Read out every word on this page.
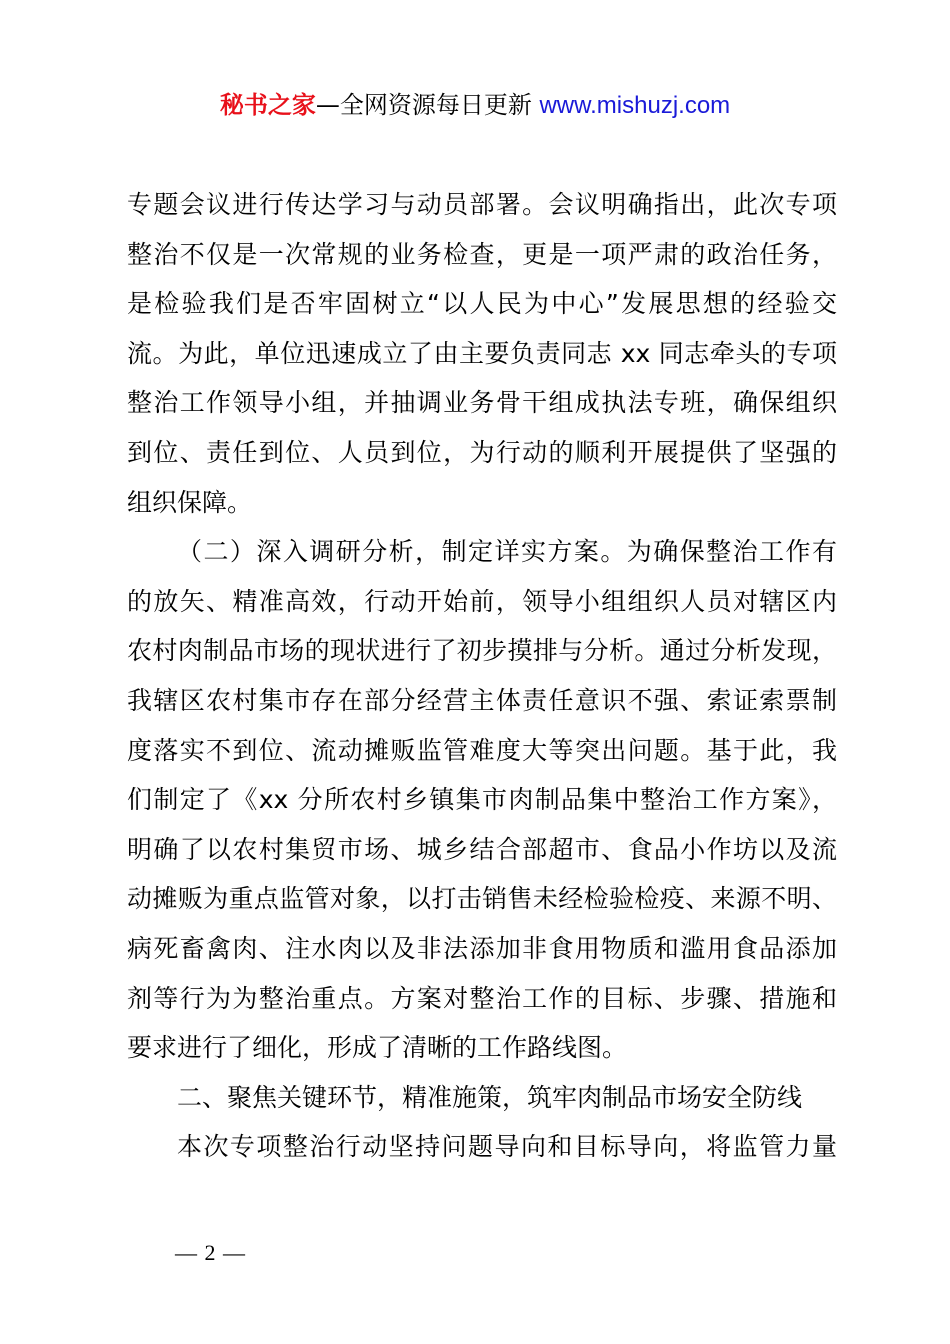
秘书之家—全网资源每日更新 www.mishuzj.com
专题会议进行传达学习与动员部署。会议明确指出，此次专项
整治不仅是一次常规的业务检查，更是一项严肃的政治任务，
是检验我们是否牢固树立“以人民为中心”发展思想的经验交
流。为此，单位迅速成立了由主要负责同志 xx 同志牵头的专项
整治工作领导小组，并抽调业务骨干组成执法专班，确保组织
到位、责任到位、人员到位，为行动的顺利开展提供了坚强的
组织保障。
（二）深入调研分析，制定详实方案。为确保整治工作有
的放矢、精准高效，行动开始前，领导小组组织人员对辖区内
农村肉制品市场的现状进行了初步摸排与分析。通过分析发现，
我辖区农村集市存在部分经营主体责任意识不强、索证索票制
度落实不到位、流动摊贩监管难度大等突出问题。基于此，我
们制定了《xx 分所农村乡镇集市肉制品集中整治工作方案》，
明确了以农村集贸市场、城乡结合部超市、食品小作坊以及流
动摊贩为重点监管对象，以打击销售未经检验检疫、来源不明、
病死畜禽肉、注水肉以及非法添加非食用物质和滥用食品添加
剂等行为为整治重点。方案对整治工作的目标、步骤、措施和
要求进行了细化，形成了清晰的工作路线图。
二、聚焦关键环节，精准施策，筑牢肉制品市场安全防线
本次专项整治行动坚持问题导向和目标导向，将监管力量
— 2 —
